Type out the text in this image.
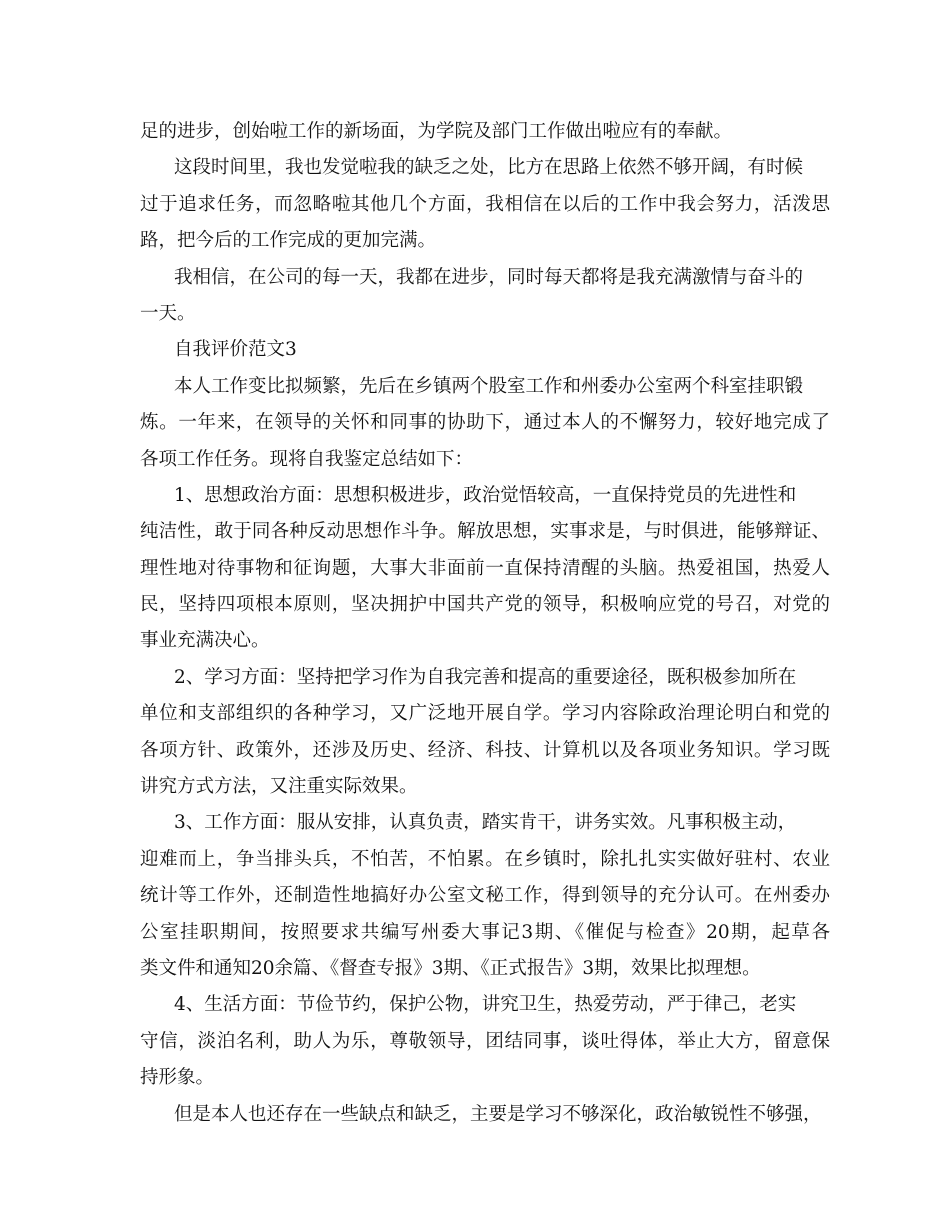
足的进步，创始啦工作的新场面，为学院及部门工作做出啦应有的奉献。
这段时间里，我也发觉啦我的缺乏之处，比方在思路上依然不够开阔，有时候
过于追求任务，而忽略啦其他几个方面，我相信在以后的工作中我会努力，活泼思
路，把今后的工作完成的更加完满。
我相信，在公司的每一天，我都在进步，同时每天都将是我充满激情与奋斗的
一天。
自我评价范文3
本人工作变比拟频繁，先后在乡镇两个股室工作和州委办公室两个科室挂职锻
炼。一年来，在领导的关怀和同事的协助下，通过本人的不懈努力，较好地完成了
各项工作任务。现将自我鉴定总结如下：
1、思想政治方面：思想积极进步，政治觉悟较高，一直保持党员的先进性和
纯洁性，敢于同各种反动思想作斗争。解放思想，实事求是，与时俱进，能够辩证、
理性地对待事物和征询题，大事大非面前一直保持清醒的头脑。热爱祖国，热爱人
民，坚持四项根本原则，坚决拥护中国共产党的领导，积极响应党的号召，对党的
事业充满决心。
2、学习方面：坚持把学习作为自我完善和提高的重要途径，既积极参加所在
单位和支部组织的各种学习，又广泛地开展自学。学习内容除政治理论明白和党的
各项方针、政策外，还涉及历史、经济、科技、计算机以及各项业务知识。学习既
讲究方式方法，又注重实际效果。
3、工作方面：服从安排，认真负责，踏实肯干，讲务实效。凡事积极主动，
迎难而上，争当排头兵，不怕苦，不怕累。在乡镇时，除扎扎实实做好驻村、农业
统计等工作外，还制造性地搞好办公室文秘工作，得到领导的充分认可。在州委办
公室挂职期间，按照要求共编写州委大事记3期、《催促与检查》20期，起草各
类文件和通知20余篇、《督查专报》3期、《正式报告》3期，效果比拟理想。
4、生活方面：节俭节约，保护公物，讲究卫生，热爱劳动，严于律己，老实
守信，淡泊名利，助人为乐，尊敬领导，团结同事，谈吐得体，举止大方，留意保
持形象。
但是本人也还存在一些缺点和缺乏，主要是学习不够深化，政治敏锐性不够强，
